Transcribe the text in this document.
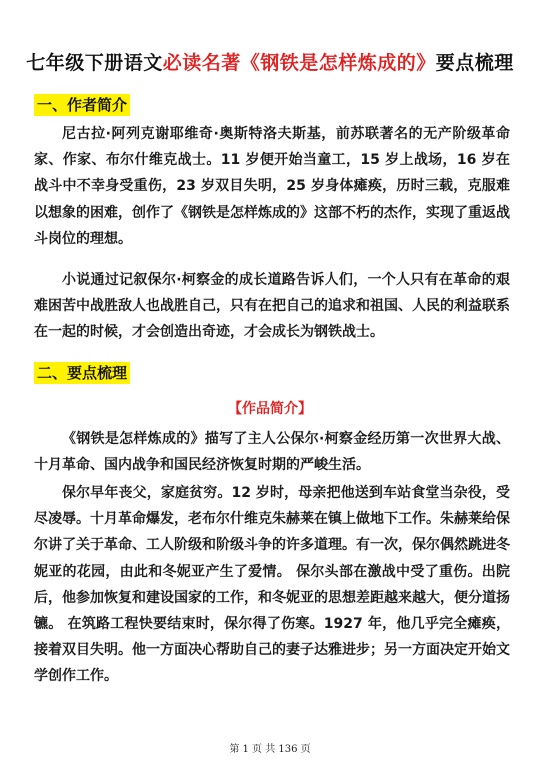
七年级下册语文必读名著《钢铁是怎样炼成的》要点梳理
一、作者简介

尼古拉·阿列克谢耶维奇·奥斯特洛夫斯基，前苏联著名的无产阶级革命家、作家、布尔什维克战士。11 岁便开始当童工，15 岁上战场，16 岁在战斗中不幸身受重伤，23 岁双目失明，25 岁身体瘫痪，历时三载，克服难以想象的困难，创作了《钢铁是怎样炼成的》这部不朽的杰作，实现了重返战斗岗位的理想。

小说通过记叙保尔·柯察金的成长道路告诉人们，一个人只有在革命的艰难困苦中战胜敌人也战胜自己，只有在把自己的追求和祖国、人民的利益联系在一起的时候，才会创造出奇迹，才会成长为钢铁战士。

二、要点梳理
【作品简介】

《钢铁是怎样炼成的》描写了主人公保尔·柯察金经历第一次世界大战、十月革命、国内战争和国民经济恢复时期的严峻生活。

保尔早年丧父，家庭贫穷。12 岁时，母亲把他送到车站食堂当杂役，受尽凌辱。十月革命爆发，老布尔什维克朱赫莱在镇上做地下工作。朱赫莱给保尔讲了关于革命、工人阶级和阶级斗争的许多道理。有一次，保尔偶然跳进冬妮亚的花园，由此和冬妮亚产生了爱情。 保尔头部在激战中受了重伤。出院后，他参加恢复和建设国家的工作，和冬妮亚的思想差距越来越大，便分道扬镳。 在筑路工程快要结束时，保尔得了伤寒。1927 年，他几乎完全瘫痪，接着双目失明。他一方面决心帮助自己的妻子达雅进步；另一方面决定开始文学创作工作。

第 1 页 共 136 页
